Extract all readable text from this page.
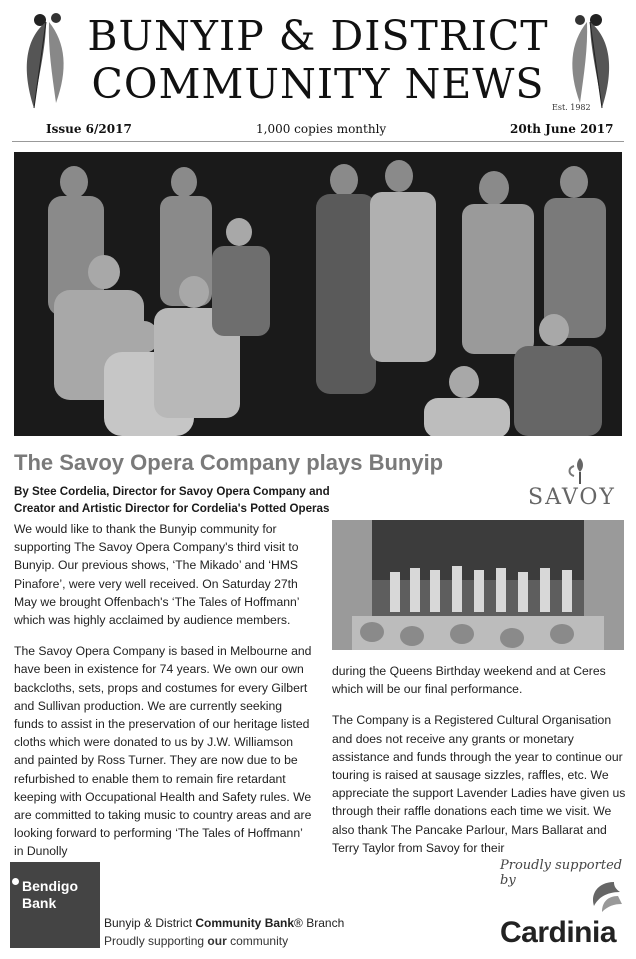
BUNYIP & DISTRICT
COMMUNITY NEWS Est. 1982
Issue 6/2017	1,000 copies monthly	20th June 2017
The Savoy Opera Company plays Bunyip
By Stee Cordelia, Director for Savoy Opera Company and Creator and Artistic Director for Cordelia's Potted Operas	SAVOY

We would like to thank the Bunyip community for supporting The Savoy Opera Company's third visit to Bunyip. Our previous shows, ‘The Mikado’ and ‘HMS Pinafore’, were very well received. On Saturday 27th May we brought Offenbach's ‘The Tales of Hoffmann’ which was highly acclaimed by audience members.

The Savoy Opera Company is based in Melbourne and have been in existence for 74 years. We own our own backcloths, sets, props and costumes for every Gilbert and Sullivan production. We are currently seeking funds to assist in the preservation of our heritage listed cloths which were donated to us by J.W. Williamson and painted by Ross Turner. They are now due to be refurbished to enable them to remain fire retardant keeping with Occupational Health and Safety rules. We are committed to taking music to country areas and are looking forward to performing ‘The Tales of Hoffmann’ in Dunolly

during the Queens Birthday weekend and at Ceres which will be our final performance.

The Company is a Registered Cultural Organisation and does not receive any grants or monetary assistance and funds through the year to continue our touring is raised at sausage sizzles, raffles, etc. We appreciate the support Lavender Ladies have given us through their raffle donations each time we visit. We also thank The Pancake Parlour, Mars Ballarat and Terry Taylor from Savoy for their

Bendigo
Bank
Bunyip & District Community Bank® Branch
Proudly supporting our community
Proudly supported by
Cardinia
